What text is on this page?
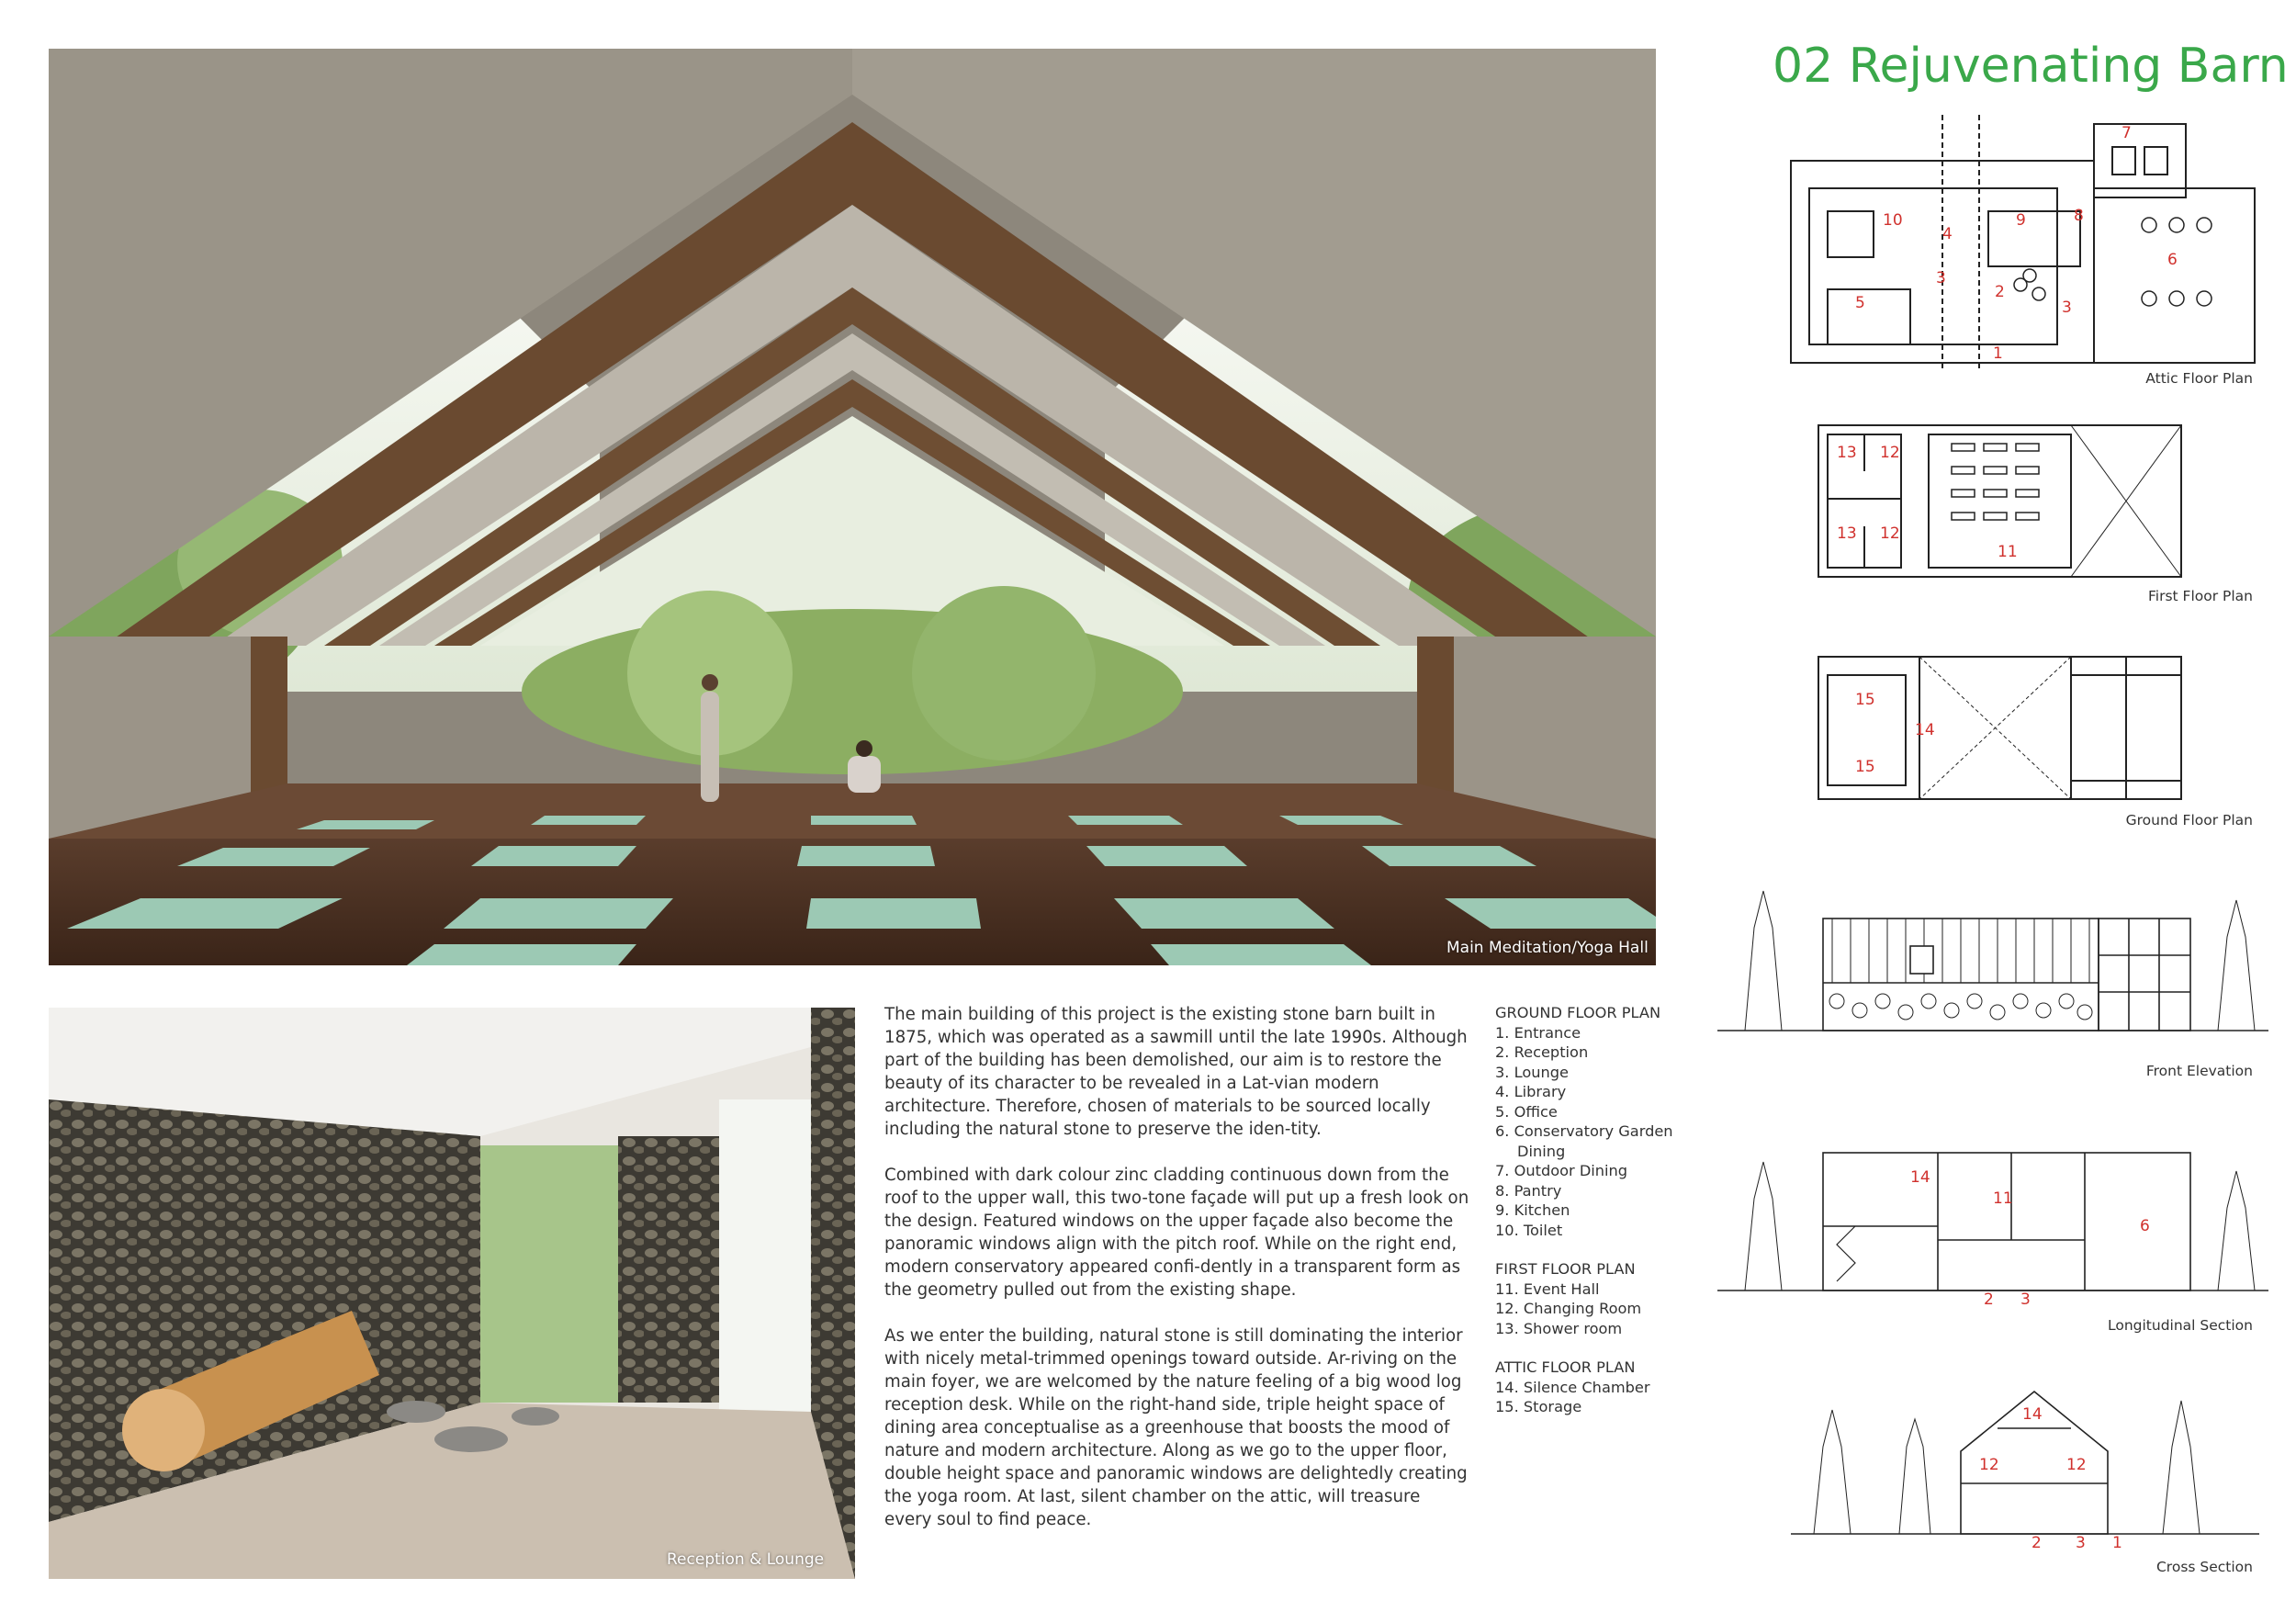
02 Rejuvenating Barn
Main Meditation/Yoga Hall
Reception & Lounge

The main building of this project is the existing stone barn built in 1875, which was operated as a sawmill until the late 1990s. Although part of the building has been demolished, our aim is to restore the beauty of its character to be revealed in a Lat-vian modern architecture. Therefore, chosen of materials to be sourced locally including the natural stone to preserve the iden-tity.

Combined with dark colour zinc cladding continuous down from the roof to the upper wall, this two-tone façade will put up a fresh look on the design. Featured windows on the upper façade also become the panoramic windows align with the pitch roof. While on the right end, modern conservatory appeared confi-dently in a transparent form as the geometry pulled out from the existing shape.

As we enter the building, natural stone is still dominating the interior with nicely metal-trimmed openings toward outside. Ar-riving on the main foyer, we are welcomed by the nature feeling of a big wood log reception desk. While on the right-hand side, triple height space of dining area conceptualise as a greenhouse that boosts the mood of nature and modern architecture. Along as we go to the upper floor, double height space and panoramic windows are delightedly creating the yoga room. At last, silent chamber on the attic, will treasure every soul to find peace.

GROUND FLOOR PLAN
1. Entrance
2. Reception
3. Lounge
4. Library
5. Office
6. Conservatory Garden
Dining
7. Outdoor Dining
8. Pantry
9. Kitchen
10. Toilet
FIRST FLOOR PLAN
11. Event Hall
12. Changing Room
13. Shower room
ATTIC FLOOR PLAN
14. Silence Chamber
15. Storage
7
10
4
9	8
3
2
5	3
6
1
Attic Floor Plan
13 12
13 12
11
First Floor Plan
15
14
15
Ground Floor Plan
Front Elevation
14
11
6
2 3
Longitudinal Section
14
12	12
2 3 1
Cross Section
